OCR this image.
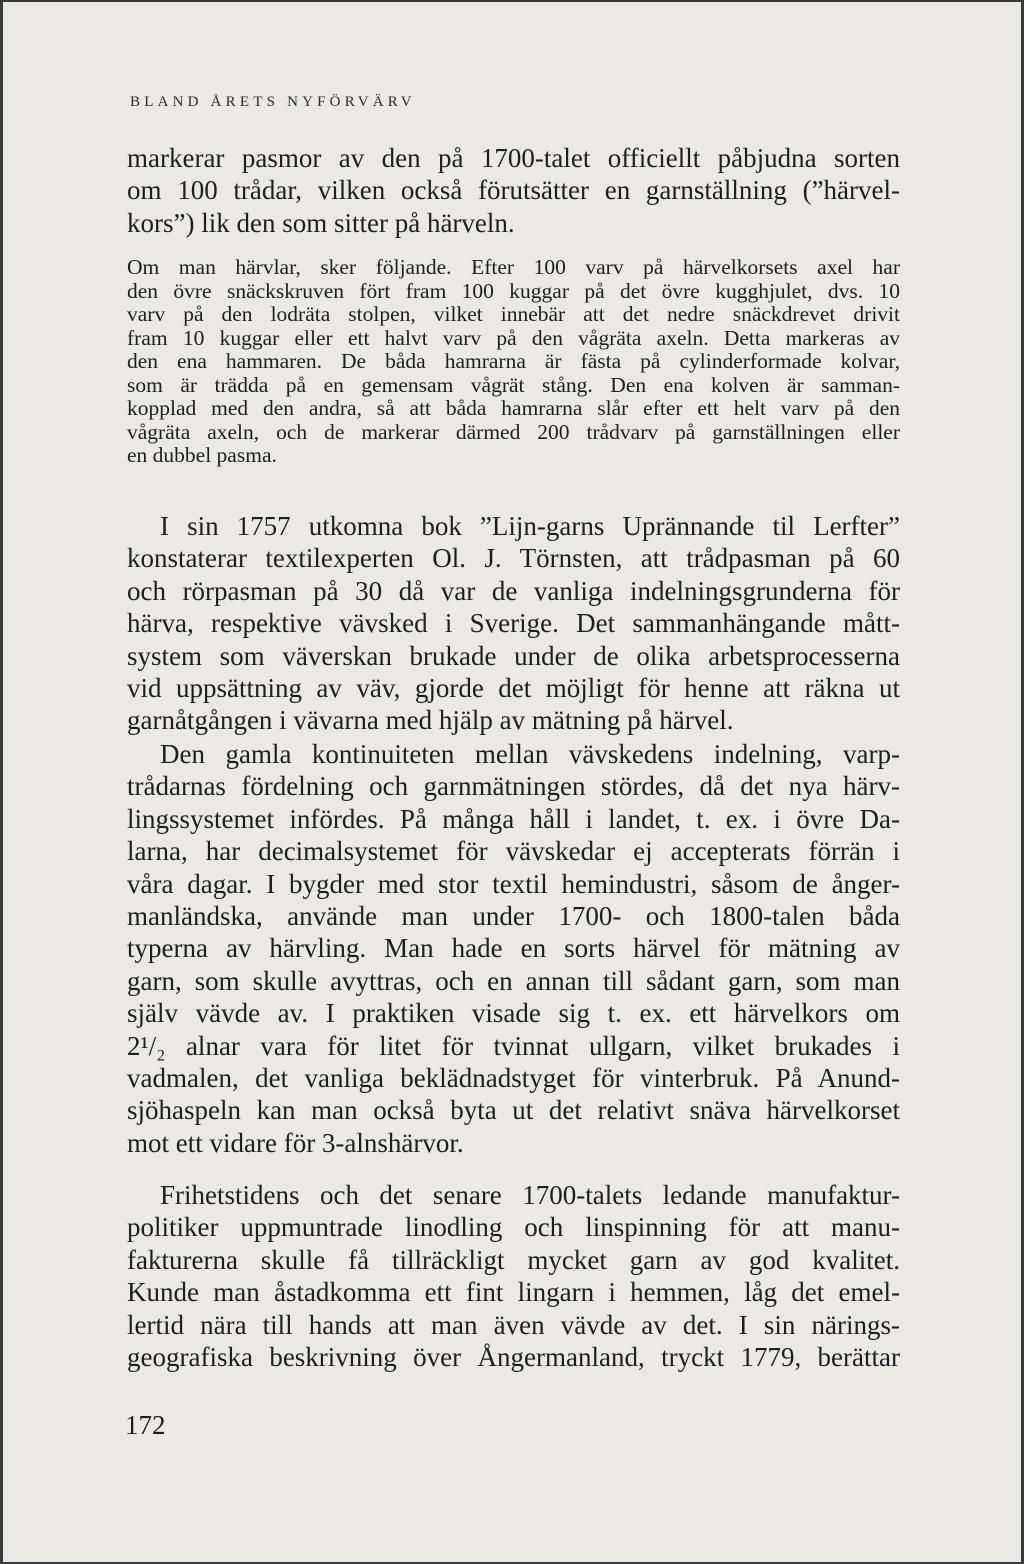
BLAND ÅRETS NYFÖRVÄRV
markerar pasmor av den på 1700-talet officiellt påbjudna sorten
om 100 trådar, vilken också förutsätter en garnställning (”härvel-
kors”) lik den som sitter på härveln.
Om man härvlar, sker följande. Efter 100 varv på härvelkorsets axel har
den övre snäckskruven fört fram 100 kuggar på det övre kugghjulet, dvs. 10
varv på den lodräta stolpen, vilket innebär att det nedre snäckdrevet drivit
fram 10 kuggar eller ett halvt varv på den vågräta axeln. Detta markeras av
den ena hammaren. De båda hamrarna är fästa på cylinderformade kolvar,
som är trädda på en gemensam vågrät stång. Den ena kolven är samman-
kopplad med den andra, så att båda hamrarna slår efter ett helt varv på den
vågräta axeln, och de markerar därmed 200 trådvarv på garnställningen eller
en dubbel pasma.
I sin 1757 utkomna bok ”Lijn-garns Uprännande til Lerfter”
konstaterar textilexperten Ol. J. Törnsten, att trådpasman på 60
och rörpasman på 30 då var de vanliga indelningsgrunderna för
härva, respektive vävsked i Sverige. Det sammanhängande mått-
system som väverskan brukade under de olika arbetsprocesserna
vid uppsättning av väv, gjorde det möjligt för henne att räkna ut
garnåtgången i vävarna med hjälp av mätning på härvel.
Den gamla kontinuiteten mellan vävskedens indelning, varp-
trådarnas fördelning och garnmätningen stördes, då det nya härv-
lingssystemet infördes. På många håll i landet, t. ex. i övre Da-
larna, har decimalsystemet för vävskedar ej accepterats förrän i
våra dagar. I bygder med stor textil hemindustri, såsom de ånger-
manländska, använde man under 1700- och 1800-talen båda
typerna av härvling. Man hade en sorts härvel för mätning av
garn, som skulle avyttras, och en annan till sådant garn, som man
själv vävde av. I praktiken visade sig t. ex. ett härvelkors om
2¹/₂ alnar vara för litet för tvinnat ullgarn, vilket brukades i
vadmalen, det vanliga beklädnadstyget för vinterbruk. På Anund-
sjöhaspeln kan man också byta ut det relativt snäva härvelkorset
mot ett vidare för 3-alnshärvor.
Frihetstidens och det senare 1700-talets ledande manufaktur-
politiker uppmuntrade linodling och linspinning för att manu-
fakturerna skulle få tillräckligt mycket garn av god kvalitet.
Kunde man åstadkomma ett fint lingarn i hemmen, låg det emel-
lertid nära till hands att man även vävde av det. I sin närings-
geografiska beskrivning över Ångermanland, tryckt 1779, berättar
172
